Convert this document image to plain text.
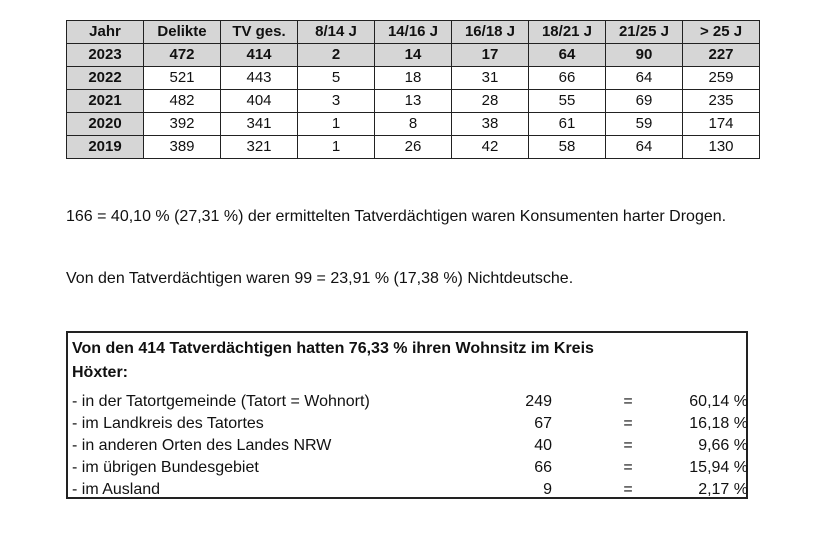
Jahr	Delikte	TV ges.	8/14 J	14/16 J	16/18 J	18/21 J	21/25 J	> 25 J
2023	472	414	2	14	17	64	90	227
2022	521	443	5	18	31	66	64	259
2021	482	404	3	13	28	55	69	235
2020	392	341	1	8	38	61	59	174
2019	389	321	1	26	42	58	64	130

166 = 40,10 % (27,31 %) der ermittelten Tatverdächtigen waren Konsumenten harter Drogen.

Von den Tatverdächtigen waren 99 = 23,91 % (17,38 %) Nichtdeutsche.

Von den 414 Tatverdächtigen hatten 76,33 % ihren Wohnsitz im Kreis Höxter:

- in der Tatortgemeinde (Tatort = Wohnort)	249	=	60,14 %
- im Landkreis des Tatortes	67	=	16,18 %
- in anderen Orten des Landes NRW	40	=	9,66 %
- im übrigen Bundesgebiet	66	=	15,94 %
- im Ausland	9	=	2,17 %
